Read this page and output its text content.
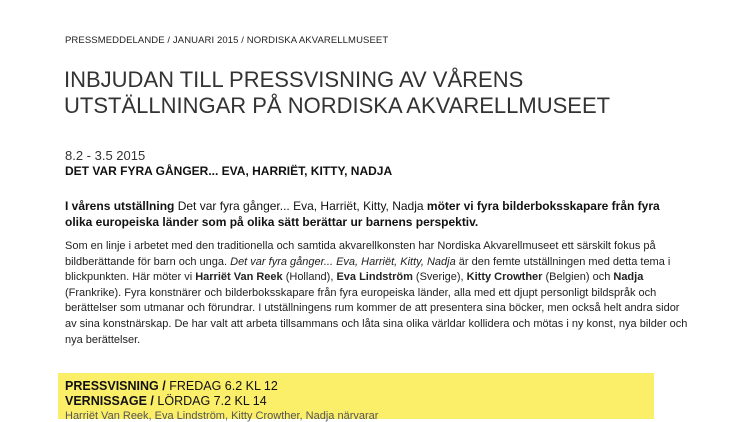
PRESSMEDDELANDE / JANUARI 2015 / NORDISKA AKVARELLMUSEET
INBJUDAN TILL PRESSVISNING AV VÅRENS
UTSTÄLLNINGAR PÅ NORDISKA AKVARELLMUSEET
8.2 - 3.5 2015
DET VAR FYRA GÅNGER... EVA, HARRIËT, KITTY, NADJA
I vårens utställning Det var fyra gånger... Eva, Harriët, Kitty, Nadja möter vi fyra bilderboksskapare från fyra olika europeiska länder som på olika sätt berättar ur barnens perspektiv.

Som en linje i arbetet med den traditionella och samtida akvarellkonsten har Nordiska Akvarellmuseet ett särskilt fokus på bildberättande för barn och unga. Det var fyra gånger... Eva, Harriët, Kitty, Nadja är den femte utställningen med detta tema i blickpunkten. Här möter vi Harriët Van Reek (Holland), Eva Lindström (Sverige), Kitty Crowther (Belgien) och Nadja (Frankrike). Fyra konstnärer och bilderboksskapare från fyra europeiska länder, alla med ett djupt personligt bildspråk och berättelser som utmanar och förundrar. I utställningens rum kommer de att presentera sina böcker, men också helt andra sidor av sina konstnärskap. De har valt att arbeta tillsammans och låta sina olika världar kollidera och mötas i ny konst, nya bilder och nya berättelser.

PRESSVISNING / FREDAG 6.2 KL 12
VERNISSAGE / LÖRDAG 7.2 KL 14
Harriët Van Reek, Eva Lindström, Kitty Crowther, Nadja närvarar
